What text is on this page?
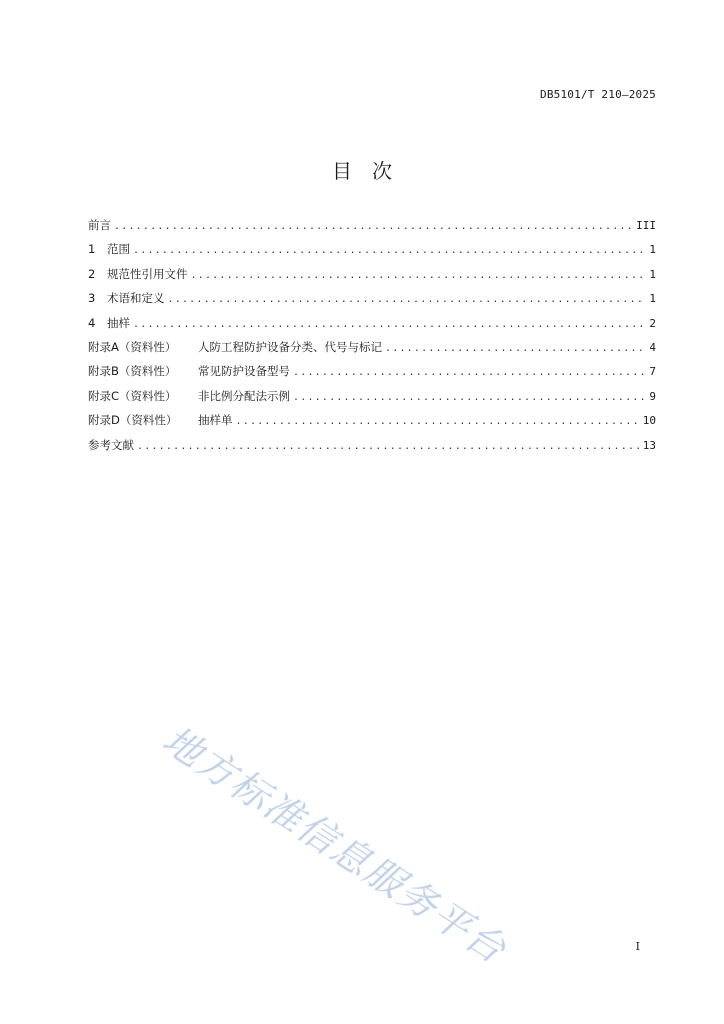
DB5101/T 210—2025
目　次
前言 .....	III
1 范围 .....	1
2 规范性引用文件 .....	1
3 术语和定义 .....	1
4 抽样 .....	2
附录A（资料性） 人防工程防护设备分类、代号与标记 .....	4
附录B（资料性） 常见防护设备型号 .....	7
附录C（资料性） 非比例分配法示例 .....	9
附录D（资料性） 抽样单 .....	10
参考文献 .....	13
地方标准信息服务平台	I
